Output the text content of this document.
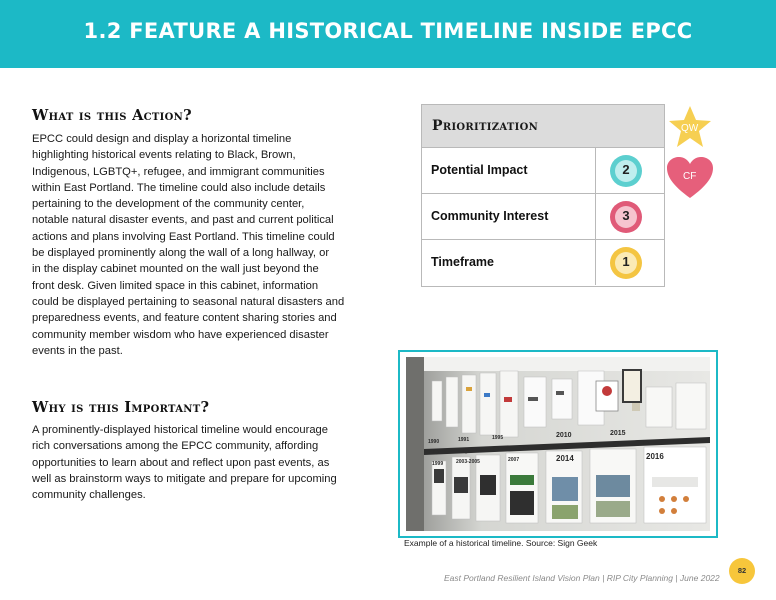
1.2 FEATURE A HISTORICAL TIMELINE INSIDE EPCC
What is this Action?
EPCC could design and display a horizontal timeline
highlighting historical events relating to Black, Brown,
Indigenous, LGBTQ+, refugee, and immigrant communities
within East Portland. The timeline could also include details
pertaining to the development of the community center,
notable natural disaster events, and past and current political
actions and plans involving East Portland. This timeline could
be displayed prominently along the wall of a long hallway, or
in the display cabinet mounted on the wall just beyond the
front desk. Given limited space in this cabinet, information
could be displayed pertaining to seasonal natural disasters and
preparedness events, and feature content sharing stories and
community member wisdom who have experienced disaster
events in the past.
Why is this Important?
A prominently-displayed historical timeline would encourage
rich conversations among the EPCC community, affording
opportunities to learn about and reflect upon past events, as
well as brainstorm ways to mitigate and prepare for upcoming
community challenges.
Prioritization
Potential Impact	2
Community Interest	3
Timeframe	1
QW
CF
1990	1991	1995	2010	2015
1999	2003-2005	2007	2014	2016
Example of a historical timeline. Source: Sign Geek
East Portland Resilient Island Vision Plan | RIP City Planning | June 2022
82
